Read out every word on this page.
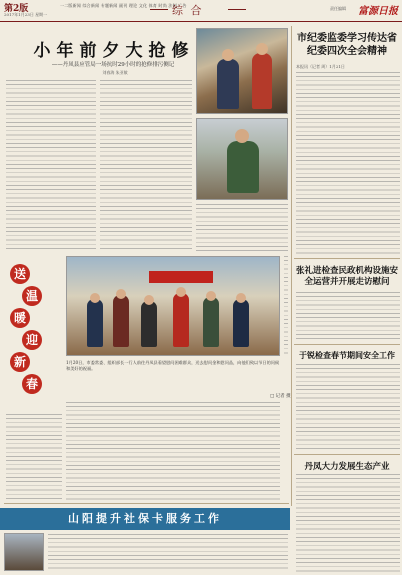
第2版
2017年1月23日 星期一
一二版新闻 综合新闻 专题新闻 副刊 理论 文化 体育 时尚 法制 广告
综 合	责任编辑 富源日报
小年前夕大抢修
——丹凤县应管局一场抗时29小时的抢修排污侧记
刘春海 朱亚敏
送
温
暖
迎
新
春
1月20日，市委常委、组织部长一行人前往丹凤县看望慰问困难群众，送去慰问金和慰问品，向他们致以节日的问候和美好的祝福。
□ 记者 摄
市纪委监委学习传达省纪委四次全会精神
本报讯（记者 周）1月21日
张礼进检查民政机构设施安全运营并开展走访慰问
于锐检查春节期间安全工作
丹凤大力发展生态产业
山阳提升社保卡服务工作
